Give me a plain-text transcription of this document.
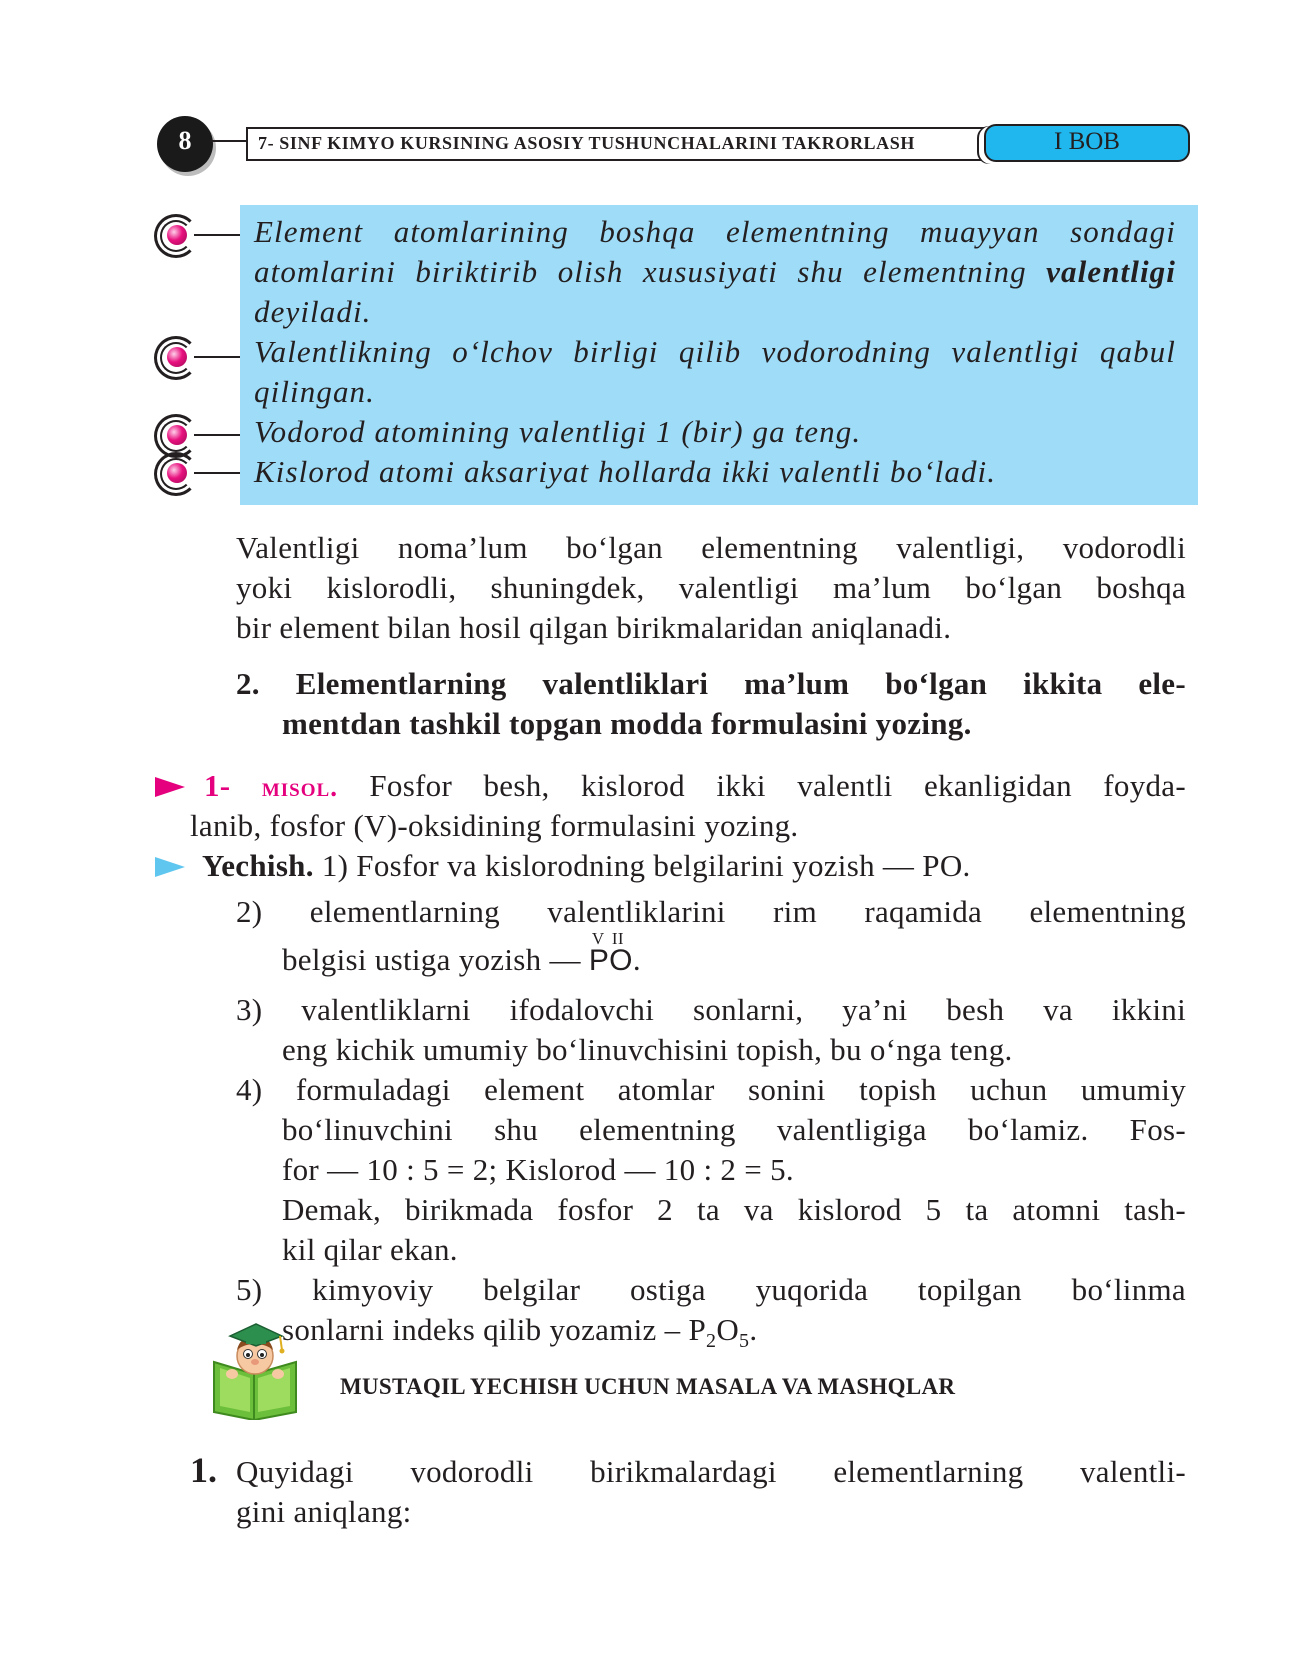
8	7- SINF KIMYO KURSINING ASOSIY TUSHUNCHALARINI TAKRORLASH	I BOB
Element atomlarining boshqa elementning muayyan sondagi
atomlarini biriktirib olish xususiyati shu elementning valentligi
deyiladi.
Valentlikning o‘lchov birligi qilib vodorodning valentligi qabul
qilingan.
Vodorod atomining valentligi 1 (bir) ga teng.
Kislorod atomi aksariyat hollarda ikki valentli bo‘ladi.
Valentligi noma’lum bo‘lgan elementning valentligi, vodorodli
yoki kislorodli, shuningdek, valentligi ma’lum bo‘lgan boshqa
bir element bilan hosil qilgan birikmalaridan aniqlanadi.
2. Elementlarning valentliklari ma’lum bo‘lgan ikkita ele-
mentdan tashkil topgan modda formulasini yozing.
1- misol. Fosfor besh, kislorod ikki valentli ekanligidan foyda-
lanib, fosfor (V)-oksidining formulasini yozing.
Yechish. 1) Fosfor va kislorodning belgilarini yozish — PO.
2) elementlarning valentliklarini rim raqamida elementning
belgisi ustiga yozish —
V II
PO.
3) valentliklarni ifodalovchi sonlarni, ya’ni besh va ikkini
eng kichik umumiy bo‘linuvchisini topish, bu o‘nga teng.
4) formuladagi element atomlar sonini topish uchun umumiy
bo‘linuvchini shu elementning valentligiga bo‘lamiz. Fos-
for — 10 : 5 = 2; Kislorod — 10 : 2 = 5.
Demak, birikmada fosfor 2 ta va kislorod 5 ta atomni tash-
kil qilar ekan.
5) kimyoviy belgilar ostiga yuqorida topilgan bo‘linma
sonlarni indeks qilib yozamiz – $P_2O_5$.
MUSTAQIL YECHISH UCHUN MASALA VA MASHQLAR
1. Quyidagi vodorodli birikmalardagi elementlarning valentli-
gini aniqlang:
